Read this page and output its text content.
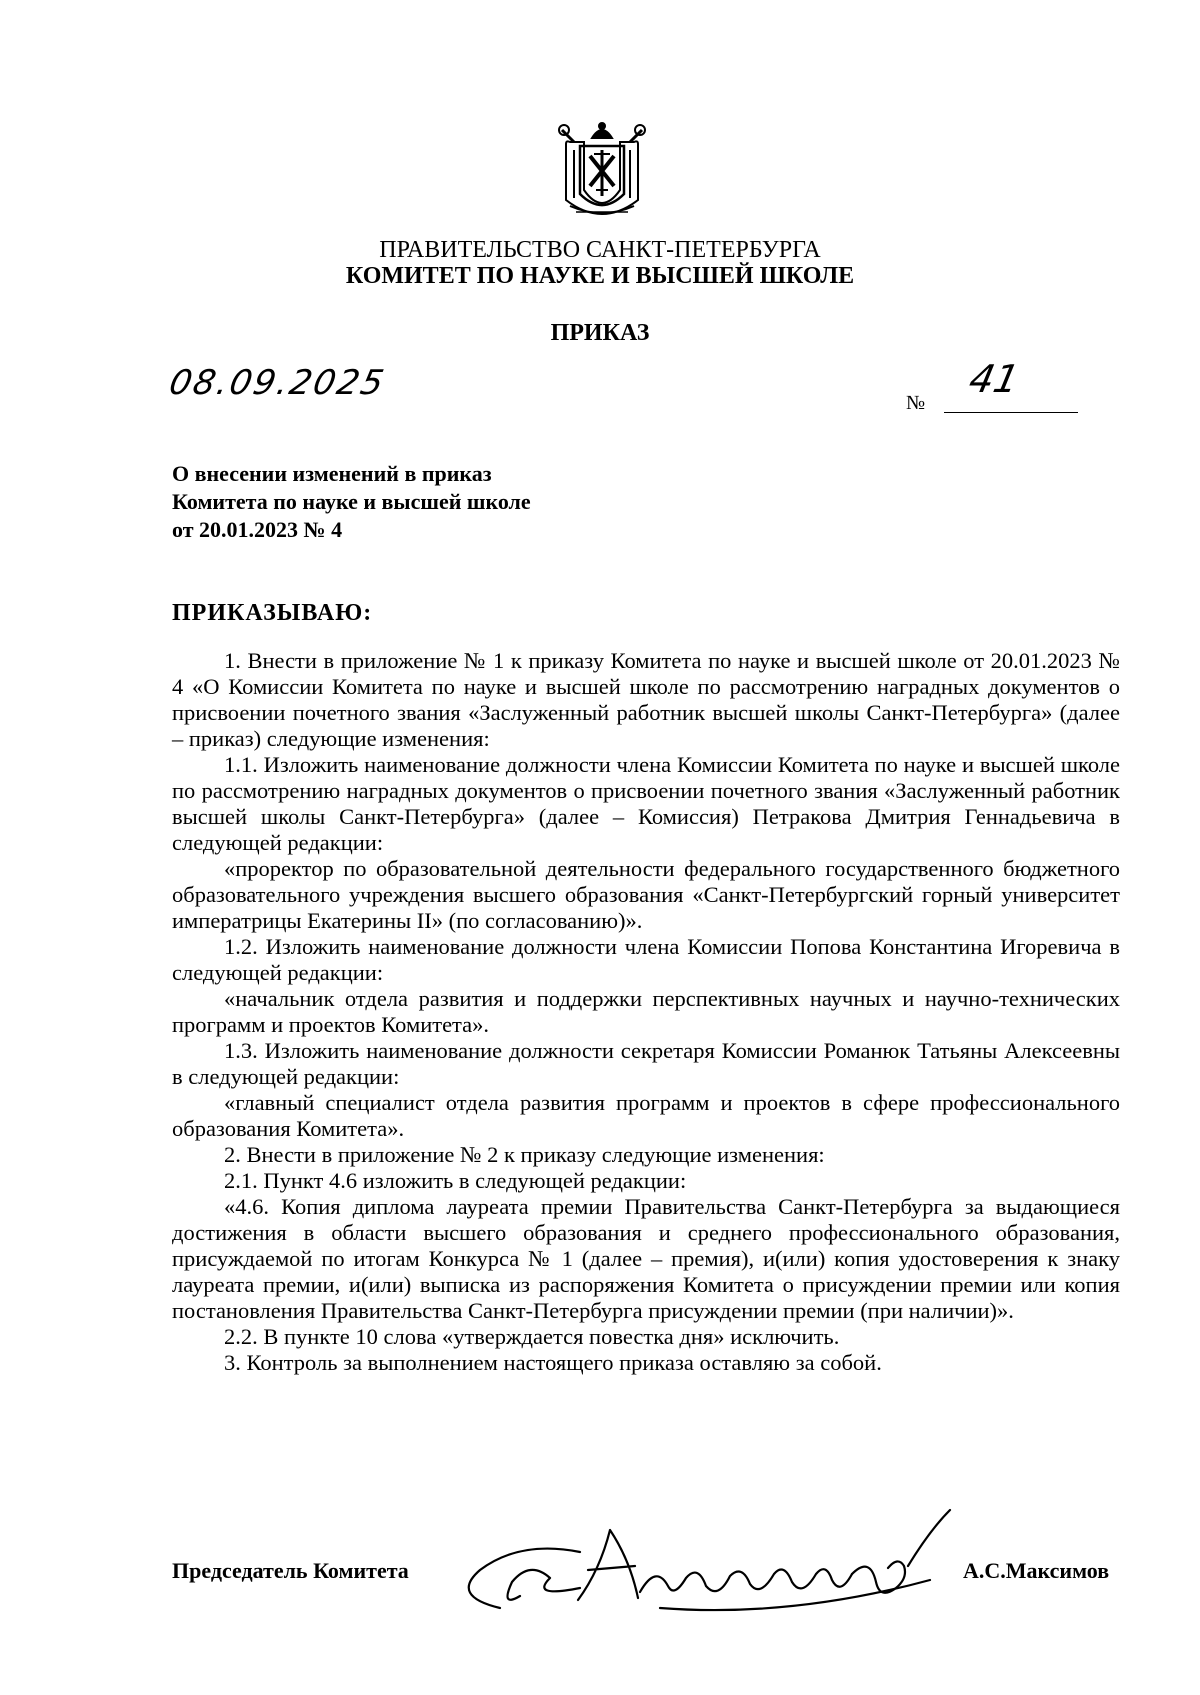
ПРАВИТЕЛЬСТВО САНКТ-ПЕТЕРБУРГА
КОМИТЕТ ПО НАУКЕ И ВЫСШЕЙ ШКОЛЕ
ПРИКАЗ
08.09.2025	№
41
О внесении изменений в приказ
Комитета по науке и высшей школе
от 20.01.2023 № 4
ПРИКАЗЫВАЮ:

1. Внести в приложение № 1 к приказу Комитета по науке и высшей школе от 20.01.2023 № 4 «О Комиссии Комитета по науке и высшей школе по рассмотрению наградных документов о присвоении почетного звания «Заслуженный работник высшей школы Санкт-Петербурга» (далее – приказ) следующие изменения:

1.1. Изложить наименование должности члена Комиссии Комитета по науке и высшей школе по рассмотрению наградных документов о присвоении почетного звания «Заслуженный работник высшей школы Санкт-Петербурга» (далее – Комиссия) Петракова Дмитрия Геннадьевича в следующей редакции:

«проректор по образовательной деятельности федерального государственного бюджетного образовательного учреждения высшего образования «Санкт-Петербургский горный университет императрицы Екатерины II» (по согласованию)».

1.2. Изложить наименование должности члена Комиссии Попова Константина Игоревича в следующей редакции:

«начальник отдела развития и поддержки перспективных научных и научно-технических программ и проектов Комитета».

1.3. Изложить наименование должности секретаря Комиссии Романюк Татьяны Алексеевны в следующей редакции:

«главный специалист отдела развития программ и проектов в сфере профессионального образования Комитета».

2. Внести в приложение № 2 к приказу следующие изменения:

2.1. Пункт 4.6 изложить в следующей редакции:

«4.6. Копия диплома лауреата премии Правительства Санкт-Петербурга за выдающиеся достижения в области высшего образования и среднего профессионального образования, присуждаемой по итогам Конкурса № 1 (далее – премия), и(или) копия удостоверения к знаку лауреата премии, и(или) выписка из распоряжения Комитета о присуждении премии или копия постановления Правительства Санкт-Петербурга присуждении премии (при наличии)».

2.2. В пункте 10 слова «утверждается повестка дня» исключить.

3. Контроль за выполнением настоящего приказа оставляю за собой.

Председатель Комитета	А.С.Максимов
